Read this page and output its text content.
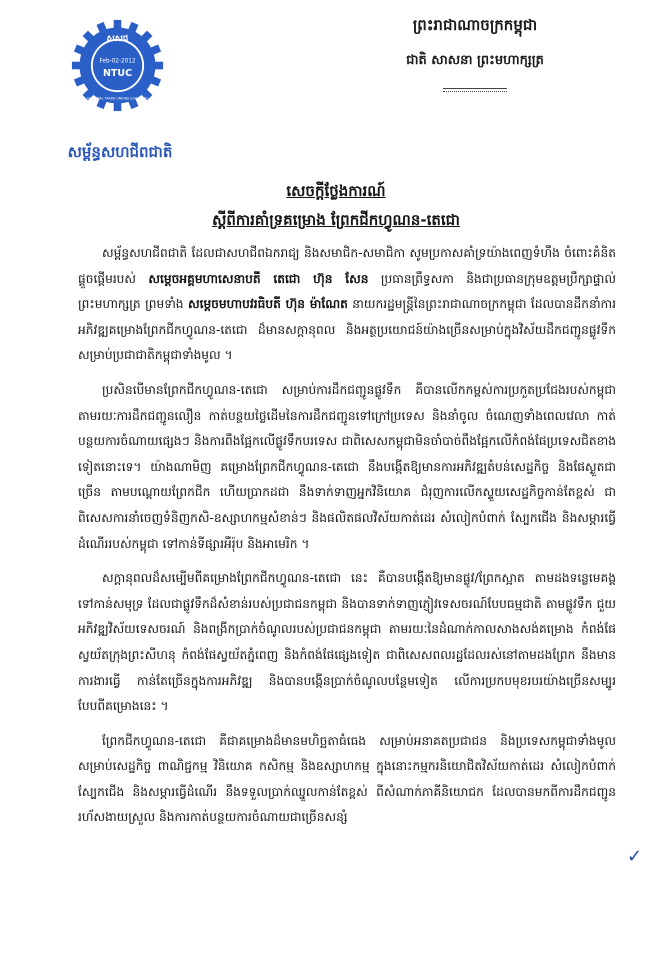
សសជ
Feb-02-2012
NTUC
NATIONAL TRADE UNIONS COALITION
សម្ព័ន្ធសហជីពជាតិ
ព្រះរាជាណាចក្រកម្ពុជា
ជាតិ សាសនា ព្រះមហាក្សត្រ
សេចក្តីថ្លែងការណ៍
ស្តីពីការគាំទ្រគម្រោង ព្រែកជីកហ្វូណន-តេជោ

សម្ព័ន្ធសហជីពជាតិ ដែលជាសហជីពឯករាជ្យ និងសមាជិក-សមាជិកា សូមប្រកាសគាំទ្រយ៉ាងពេញទំហឹង ចំពោះគំនិតផ្តួចផ្តើមរបស់ សម្តេចអគ្គមហាសេនាបតី តេជោ ហ៊ុន សែន ប្រធានព្រឹទ្ធសភា និងជាប្រធានក្រុមឧត្តមប្រឹក្សាផ្ទាល់ព្រះមហាក្សត្រ ព្រមទាំង សម្តេចមហាបវរធិបតី ហ៊ុន ម៉ាណែត នាយករដ្ឋមន្ត្រីនៃព្រះរាជាណាចក្រកម្ពុជា ដែលបានដឹកនាំការអភិវឌ្ឍគម្រោងព្រែកជីកហ្វូណន-តេជោ ដ៏មានសក្តានុពល និងអត្ថប្រយោជន៍យ៉ាងច្រើនសម្រាប់ក្នុងវិស័យដឹកជញ្ជូនផ្លូវទឹក សម្រាប់ប្រជាជាតិកម្ពុជាទាំងមូល ។

ប្រសិនបើមានព្រែកជីកហ្វូណន-តេជោ សម្រាប់ការដឹកជញ្ជូនផ្លូវទឹក គឺបានលើកកម្ពស់ការប្រកួតប្រជែងរបស់កម្ពុជា តាមរយៈការដឹកជញ្ជូនលឿន កាត់បន្ថយថ្លៃដើមនៃការដឹកជញ្ជូនទៅក្រៅប្រទេស និងនាំចូល ចំណេញទាំងពេលវេលា កាត់បន្ថយការចំណាយផ្សេងៗ និងការពឹងផ្អែកលើផ្លូវទឹកបរទេស ជាពិសេសកម្ពុជាមិនចាំបាច់ពឹងផ្អែកលើកំពង់ផែប្រទេសជិតខាងទៀតនោះទេ។ យ៉ាងណាមិញ គម្រោងព្រែកជីកហ្វូណន-តេជោ នឹងបង្កើតឱ្យមានការអភិវឌ្ឍតំបន់សេដ្ឋកិច្ច និងផែស្ងួតជាច្រើន តាមបណ្តោយព្រែកជីក ហើយប្រាកដជា នឹងទាក់ទាញអ្នកវិនិយោគ ជំរុញការលើកស្ទួយសេដ្ឋកិច្ចកាន់តែខ្ពស់ ជាពិសេសការនាំចេញទំនិញកសិ-ឧស្សាហកម្មសំខាន់ៗ និងផលិតផលវិស័យកាត់ដេរ សំលៀកបំពាក់ ស្បែកជើង និងសម្ភារធ្វើដំណើររបស់កម្ពុជា ទៅកាន់ទីផ្សារអឺរ៉ុប និងអាមេរិក ។

សក្តានុពលដ៏សម្បើមពីគម្រោងព្រែកជីកហ្វូណន-តេជោ នេះ គឺបានបង្កើតឱ្យមានផ្លូវ/ព្រែកស្អាត តាមដងទន្លេមេគង្គ ទៅកាន់សមុទ្រ ដែលជាផ្លូវទឹកដ៏សំខាន់របស់ប្រជាជនកម្ពុជា និងបានទាក់ទាញភ្ញៀវទេសចរណ៍បែបធម្មជាតិ តាមផ្លូវទឹក ជួយអភិវឌ្ឍវិស័យទេសចរណ៍ និងពង្រីកប្រាក់ចំណូលរបស់ប្រជាជនកម្ពុជា តាមរយៈនៃដំណាក់កាលសាងសង់គម្រោង កំពង់ផែស្វយ័តក្រុងព្រះសីហនុ កំពង់ផែស្វយ័តភ្នំពេញ និងកំពង់ផែផ្សេងទៀត ជាពិសេសពលរដ្ឋដែលរស់នៅតាមដងព្រែក នឹងមានការងារធ្វើ កាន់តែច្រើនក្នុងការអភិវឌ្ឍ និងបានបង្កើនប្រាក់ចំណូលបន្ថែមទៀត លើការប្រកបមុខរបរយ៉ាងច្រើនសម្បូរបែបពីគម្រោងនេះ ។

ព្រែកជីកហ្វូណន-តេជោ គឺជាគម្រោងដ៏មានមហិច្ឆតាធំធេង សម្រាប់អនាគតប្រជាជន និងប្រទេសកម្ពុជាទាំងមូល សម្រាប់សេដ្ឋកិច្ច ពាណិជ្ជកម្ម វិនិយោគ កសិកម្ម និងឧស្សាហកម្ម ក្នុងនោះកម្មករនិយោជិតវិស័យកាត់ដេរ សំលៀកបំពាក់ ស្បែកជើង និងសម្ភារធ្វើដំណើរ នឹងទទួលប្រាក់ឈ្នួលកាន់តែខ្ពស់ ពីសំណាក់ភាគីនិយោជក ដែលបានមកពីការដឹកជញ្ជូនរហ័សងាយស្រួល និងការកាត់បន្ថយការចំណាយជាច្រើនសន្សំ

✓
